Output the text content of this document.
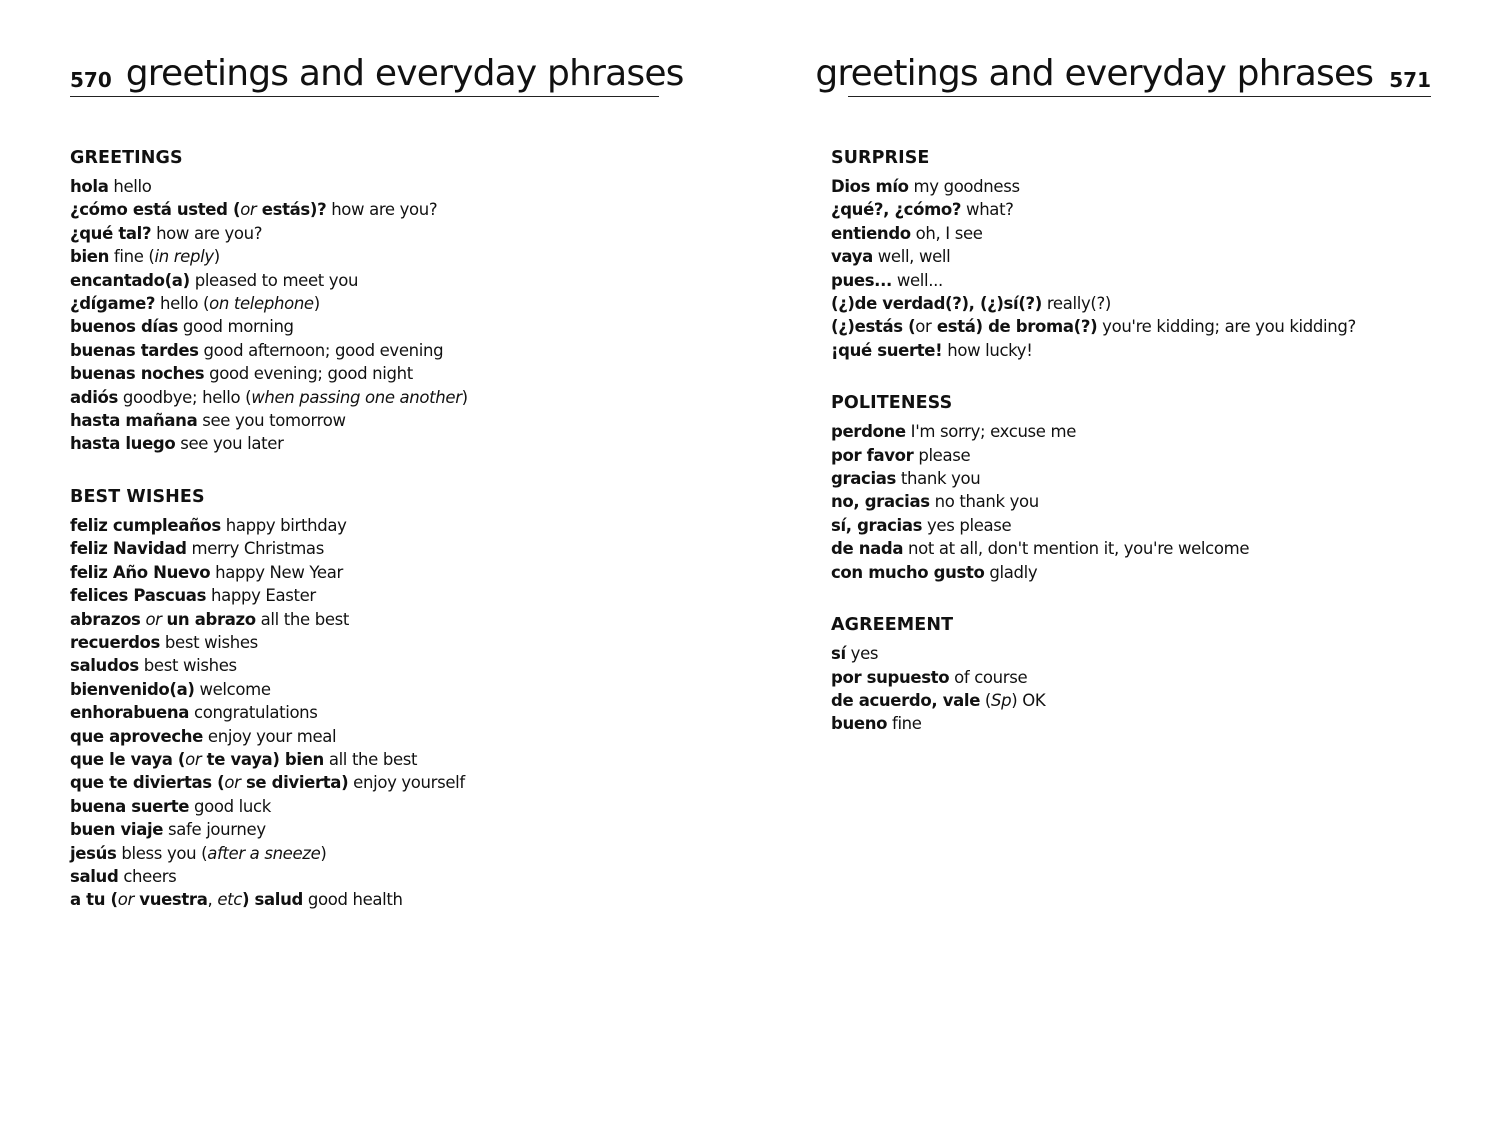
570 greetings and everyday phrases
GREETINGS
hola hello
¿cómo está usted (or estás)? how are you?
¿qué tal? how are you?
bien fine (in reply)
encantado(a) pleased to meet you
¿dígame? hello (on telephone)
buenos días good morning
buenas tardes good afternoon; good evening
buenas noches good evening; good night
adiós goodbye; hello (when passing one another)
hasta mañana see you tomorrow
hasta luego see you later
BEST WISHES
feliz cumpleaños happy birthday
feliz Navidad merry Christmas
feliz Año Nuevo happy New Year
felices Pascuas happy Easter
abrazos or un abrazo all the best
recuerdos best wishes
saludos best wishes
bienvenido(a) welcome
enhorabuena congratulations
que aproveche enjoy your meal
que le vaya (or te vaya) bien all the best
que te diviertas (or se divierta) enjoy yourself
buena suerte good luck
buen viaje safe journey
jesús bless you (after a sneeze)
salud cheers
a tu (or vuestra, etc) salud good health
greetings and everyday phrases 571
SURPRISE
Dios mío my goodness
¿qué?, ¿cómo? what?
entiendo oh, I see
vaya well, well
pues... well...
(¿)de verdad(?), (¿)sí(?) really(?)
(¿)estás (or está) de broma(?) you're kidding; are you kidding?
¡qué suerte! how lucky!
POLITENESS
perdone I'm sorry; excuse me
por favor please
gracias thank you
no, gracias no thank you
sí, gracias yes please
de nada not at all, don't mention it, you're welcome
con mucho gusto gladly
AGREEMENT
sí yes
por supuesto of course
de acuerdo, vale (Sp) OK
bueno fine
